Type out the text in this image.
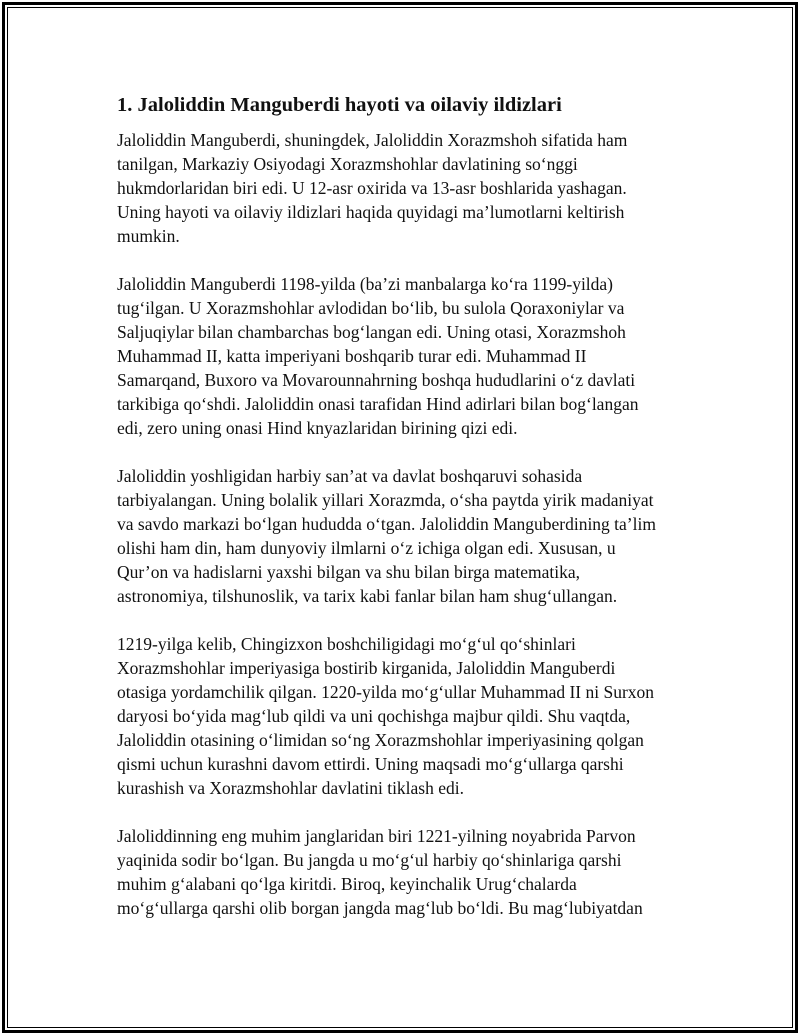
1. Jaloliddin Manguberdi hayoti va oilaviy ildizlari
Jaloliddin Manguberdi, shuningdek, Jaloliddin Xorazmshoh sifatida ham
tanilgan, Markaziy Osiyodagi Xorazmshohlar davlatining so‘nggi
hukmdorlaridan biri edi. U 12-asr oxirida va 13-asr boshlarida yashagan.
Uning hayoti va oilaviy ildizlari haqida quyidagi ma’lumotlarni keltirish
mumkin.
Jaloliddin Manguberdi 1198-yilda (ba’zi manbalarga ko‘ra 1199-yilda)
tug‘ilgan. U Xorazmshohlar avlodidan bo‘lib, bu sulola Qoraxoniylar va
Saljuqiylar bilan chambarchas bog‘langan edi. Uning otasi, Xorazmshoh
Muhammad II, katta imperiyani boshqarib turar edi. Muhammad II
Samarqand, Buxoro va Movarounnahrning boshqa hududlarini o‘z davlati
tarkibiga qo‘shdi. Jaloliddin onasi tarafidan Hind adirlari bilan bog‘langan
edi, zero uning onasi Hind knyazlaridan birining qizi edi.
Jaloliddin yoshligidan harbiy san’at va davlat boshqaruvi sohasida
tarbiyalangan. Uning bolalik yillari Xorazmda, o‘sha paytda yirik madaniyat
va savdo markazi bo‘lgan hududda o‘tgan. Jaloliddin Manguberdining ta’lim
olishi ham din, ham dunyoviy ilmlarni o‘z ichiga olgan edi. Xususan, u
Qur’on va hadislarni yaxshi bilgan va shu bilan birga matematika,
astronomiya, tilshunoslik, va tarix kabi fanlar bilan ham shug‘ullangan.
1219-yilga kelib, Chingizxon boshchiligidagi mo‘g‘ul qo‘shinlari
Xorazmshohlar imperiyasiga bostirib kirganida, Jaloliddin Manguberdi
otasiga yordamchilik qilgan. 1220-yilda mo‘g‘ullar Muhammad II ni Surxon
daryosi bo‘yida mag‘lub qildi va uni qochishga majbur qildi. Shu vaqtda,
Jaloliddin otasining o‘limidan so‘ng Xorazmshohlar imperiyasining qolgan
qismi uchun kurashni davom ettirdi. Uning maqsadi mo‘g‘ullarga qarshi
kurashish va Xorazmshohlar davlatini tiklash edi.
Jaloliddinning eng muhim janglaridan biri 1221-yilning noyabrida Parvon
yaqinida sodir bo‘lgan. Bu jangda u mo‘g‘ul harbiy qo‘shinlariga qarshi
muhim g‘alabani qo‘lga kiritdi. Biroq, keyinchalik Urug‘chalarda
mo‘g‘ullarga qarshi olib borgan jangda mag‘lub bo‘ldi. Bu mag‘lubiyatdan
